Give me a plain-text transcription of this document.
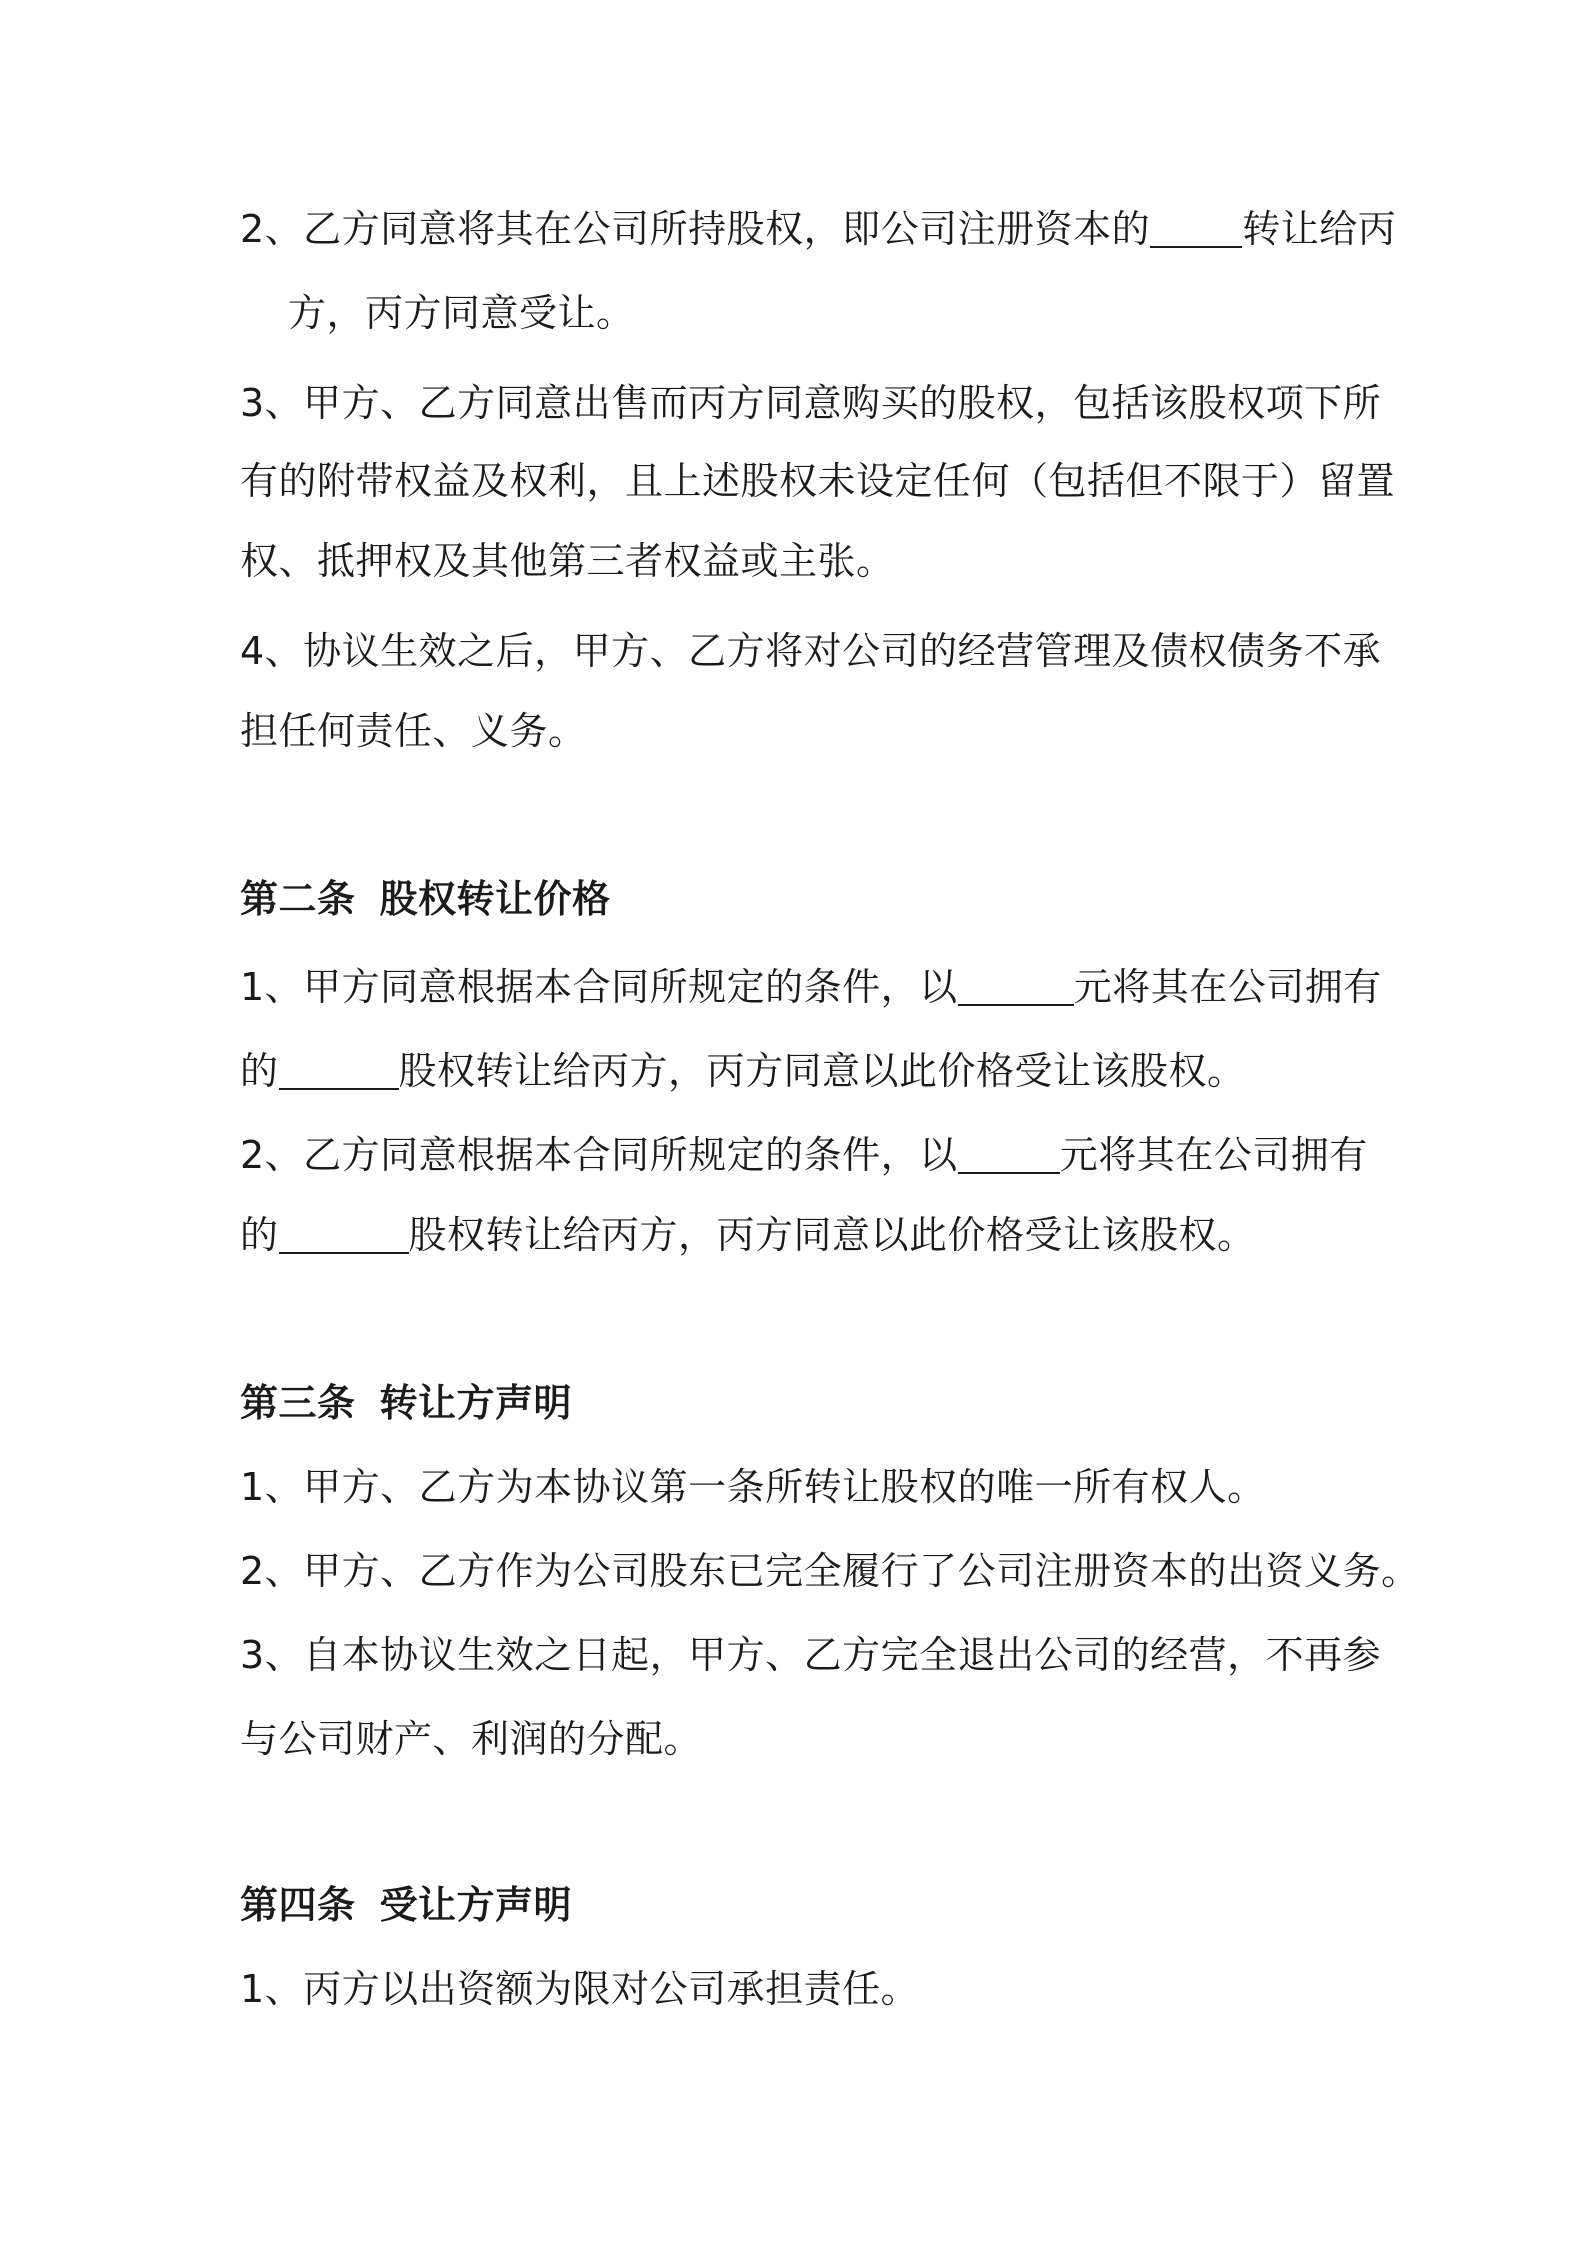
2、乙方同意将其在公司所持股权，即公司注册资本的 转让给丙
方，丙方同意受让。
3、甲方、乙方同意出售而丙方同意购买的股权，包括该股权项下所
有的附带权益及权利，且上述股权未设定任何（包括但不限于）留置
权、抵押权及其他第三者权益或主张。
4、协议生效之后，甲方、乙方将对公司的经营管理及债权债务不承
担任何责任、义务。
第二条 股权转让价格
1、甲方同意根据本合同所规定的条件，以	元将其在公司拥有
的	股权转让给丙方，丙方同意以此价格受让该股权。
2、乙方同意根据本合同所规定的条件，以	元将其在公司拥有
的	股权转让给丙方，丙方同意以此价格受让该股权。
第三条 转让方声明
1、甲方、乙方为本协议第一条所转让股权的唯一所有权人。
2、甲方、乙方作为公司股东已完全履行了公司注册资本的出资义务。
3、自本协议生效之日起，甲方、乙方完全退出公司的经营，不再参
与公司财产、利润的分配。
第四条 受让方声明
1、丙方以出资额为限对公司承担责任。
